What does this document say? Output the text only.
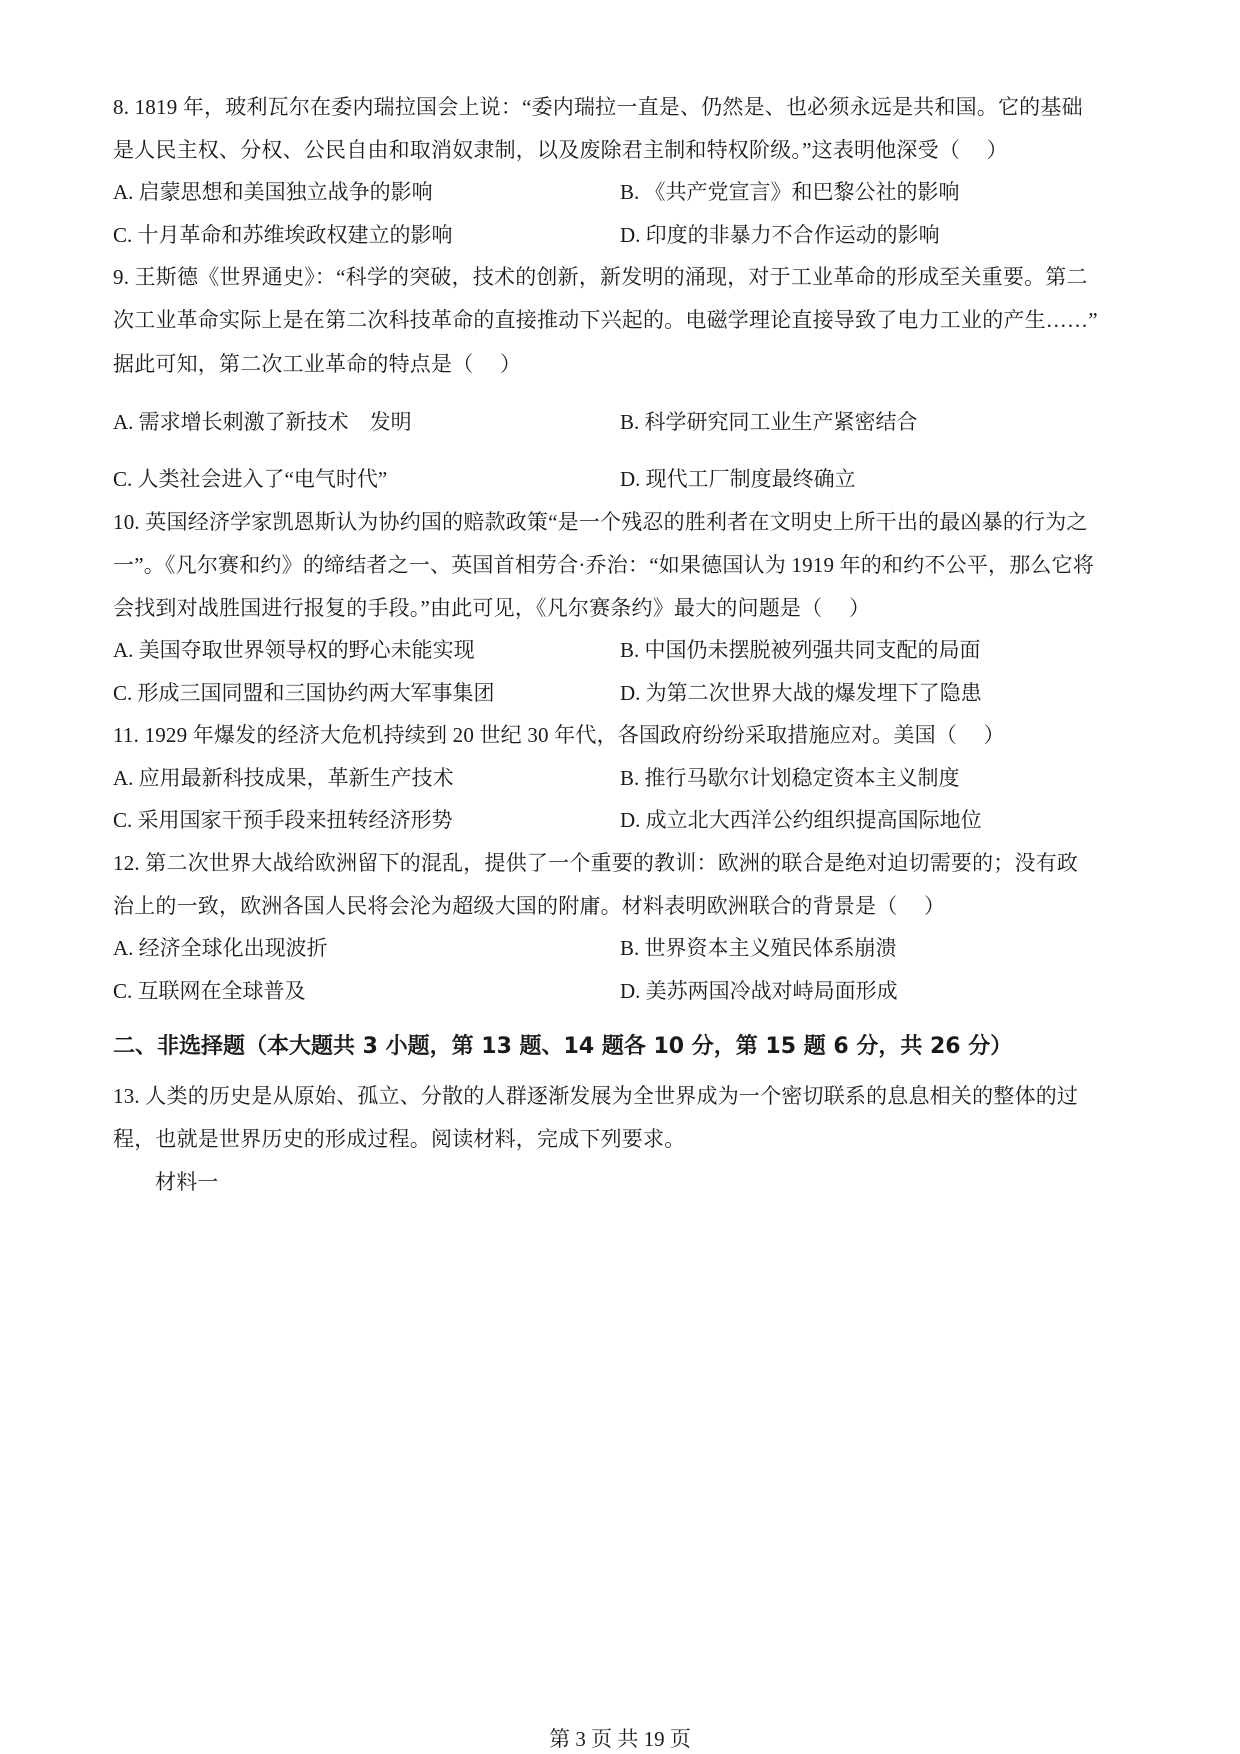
8. 1819 年，玻利瓦尔在委内瑞拉国会上说：“委内瑞拉一直是、仍然是、也必须永远是共和国。它的基础
是人民主权、分权、公民自由和取消奴隶制，以及废除君主制和特权阶级。”这表明他深受（　 ）
A. 启蒙思想和美国独立战争的影响	B. 《共产党宣言》和巴黎公社的影响
C. 十月革命和苏维埃政权建立的影响	D. 印度的非暴力不合作运动的影响
9. 王斯德《世界通史》：“科学的突破，技术的创新，新发明的涌现，对于工业革命的形成至关重要。第二
次工业革命实际上是在第二次科技革命的直接推动下兴起的。电磁学理论直接导致了电力工业的产生……”
据此可知，第二次工业革命的特点是（　 ）
A. 需求增长刺激了新技术　发明	B. 科学研究同工业生产紧密结合
C. 人类社会进入了“电气时代”	D. 现代工厂制度最终确立
10. 英国经济学家凯恩斯认为协约国的赔款政策“是一个残忍的胜利者在文明史上所干出的最凶暴的行为之
一”。《凡尔赛和约》的缔结者之一、英国首相劳合·乔治：“如果德国认为 1919 年的和约不公平，那么它将
会找到对战胜国进行报复的手段。”由此可见，《凡尔赛条约》最大的问题是（　 ）
A. 美国夺取世界领导权的野心未能实现	B. 中国仍未摆脱被列强共同支配的局面
C. 形成三国同盟和三国协约两大军事集团	D. 为第二次世界大战的爆发埋下了隐患
11. 1929 年爆发的经济大危机持续到 20 世纪 30 年代，各国政府纷纷采取措施应对。美国（　 ）
A. 应用最新科技成果，革新生产技术	B. 推行马歇尔计划稳定资本主义制度
C. 采用国家干预手段来扭转经济形势	D. 成立北大西洋公约组织提高国际地位
12. 第二次世界大战给欧洲留下的混乱，提供了一个重要的教训：欧洲的联合是绝对迫切需要的；没有政
治上的一致，欧洲各国人民将会沦为超级大国的附庸。材料表明欧洲联合的背景是（　 ）
A. 经济全球化出现波折	B. 世界资本主义殖民体系崩溃
C. 互联网在全球普及	D. 美苏两国冷战对峙局面形成
二、非选择题（本大题共 3 小题，第 13 题、14 题各 10 分，第 15 题 6 分，共 26 分）
13. 人类的历史是从原始、孤立、分散的人群逐渐发展为全世界成为一个密切联系的息息相关的整体的过
程，也就是世界历史的形成过程。阅读材料，完成下列要求。
材料一
第 3 页 共 19 页
